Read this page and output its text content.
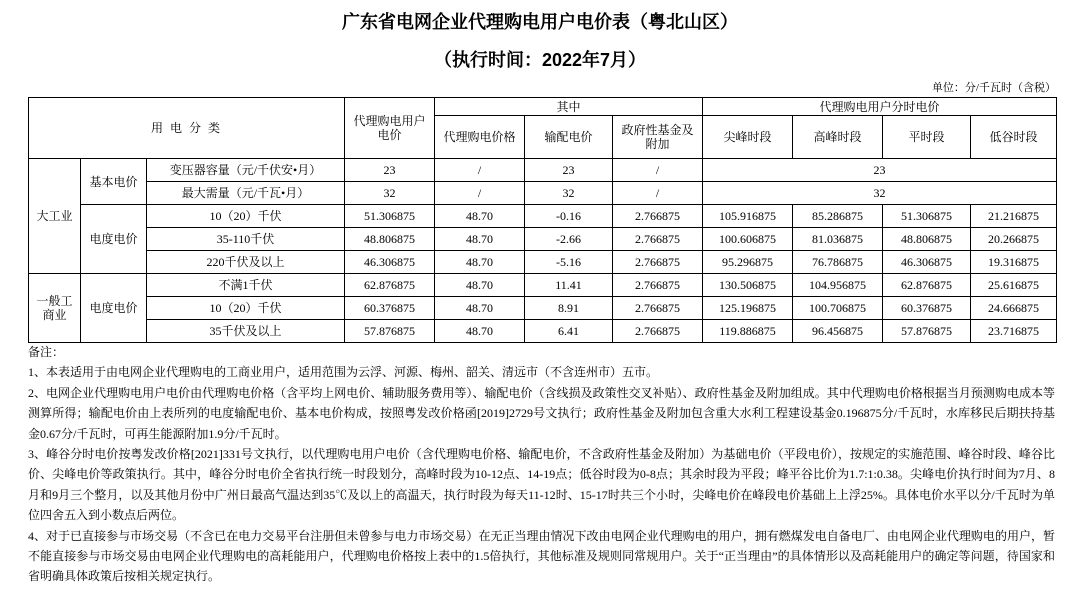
广东省电网企业代理购电用户电价表（粤北山区）
（执行时间：2022年7月）
单位：分/千瓦时（含税）
用 电 分 类			代理购电用户电价	其中			代理购电用户分时电价			
				代理购电价格	输配电价	政府性基金及附加	尖峰时段	高峰时段	平时段	低谷时段
大工业	基本电价	变压器容量（元/千伏安•月）	23	/	23	/	23			
		最大需量（元/千瓦•月）	32	/	32	/	32			
	电度电价	10（20）千伏	51.306875	48.70	-0.16	2.766875	105.916875	85.286875	51.306875	21.216875
		35-110千伏	48.806875	48.70	-2.66	2.766875	100.606875	81.036875	48.806875	20.266875
		220千伏及以上	46.306875	48.70	-5.16	2.766875	95.296875	76.786875	46.306875	19.316875
一般工商业	电度电价	不满1千伏	62.876875	48.70	11.41	2.766875	130.506875	104.956875	62.876875	25.616875
		10（20）千伏	60.376875	48.70	8.91	2.766875	125.196875	100.706875	60.376875	24.666875
		35千伏及以上	57.876875	48.70	6.41	2.766875	119.886875	96.456875	57.876875	23.716875
备注：
1、本表适用于由电网企业代理购电的工商业用户，适用范围为云浮、河源、梅州、韶关、清远市（不含连州市）五市。
2、电网企业代理购电用户电价由代理购电价格（含平均上网电价、辅助服务费用等）、输配电价（含线损及政策性交叉补贴）、政府性基金及附加组成。其中代理购电价格根据当月预测购电成本等测算所得；输配电价由上表所列的电度输配电价、基本电价构成，按照粤发改价格函[2019]2729号文执行；政府性基金及附加包含重大水利工程建设基金0.196875分/千瓦时，水库移民后期扶持基金0.67分/千瓦时，可再生能源附加1.9分/千瓦时。
3、峰谷分时电价按粤发改价格[2021]331号文执行，以代理购电用户电价（含代理购电价格、输配电价，不含政府性基金及附加）为基础电价（平段电价），按规定的实施范围、峰谷时段、峰谷比价、尖峰电价等政策执行。其中，峰谷分时电价全省执行统一时段划分，高峰时段为10-12点、14-19点；低谷时段为0-8点；其余时段为平段；峰平谷比价为1.7:1:0.38。尖峰电价执行时间为7月、8月和9月三个整月，以及其他月份中广州日最高气温达到35℃及以上的高温天，执行时段为每天11-12时、15-17时共三个小时，尖峰电价在峰段电价基础上上浮25%。具体电价水平以分/千瓦时为单位四舍五入到小数点后两位。
4、对于已直接参与市场交易（不含已在电力交易平台注册但未曾参与电力市场交易）在无正当理由情况下改由电网企业代理购电的用户，拥有燃煤发电自备电厂、由电网企业代理购电的用户，暂不能直接参与市场交易由电网企业代理购电的高耗能用户，代理购电价格按上表中的1.5倍执行，其他标准及规则同常规用户。关于“正当理由”的具体情形以及高耗能用户的确定等问题，待国家和省明确具体政策后按相关规定执行。
